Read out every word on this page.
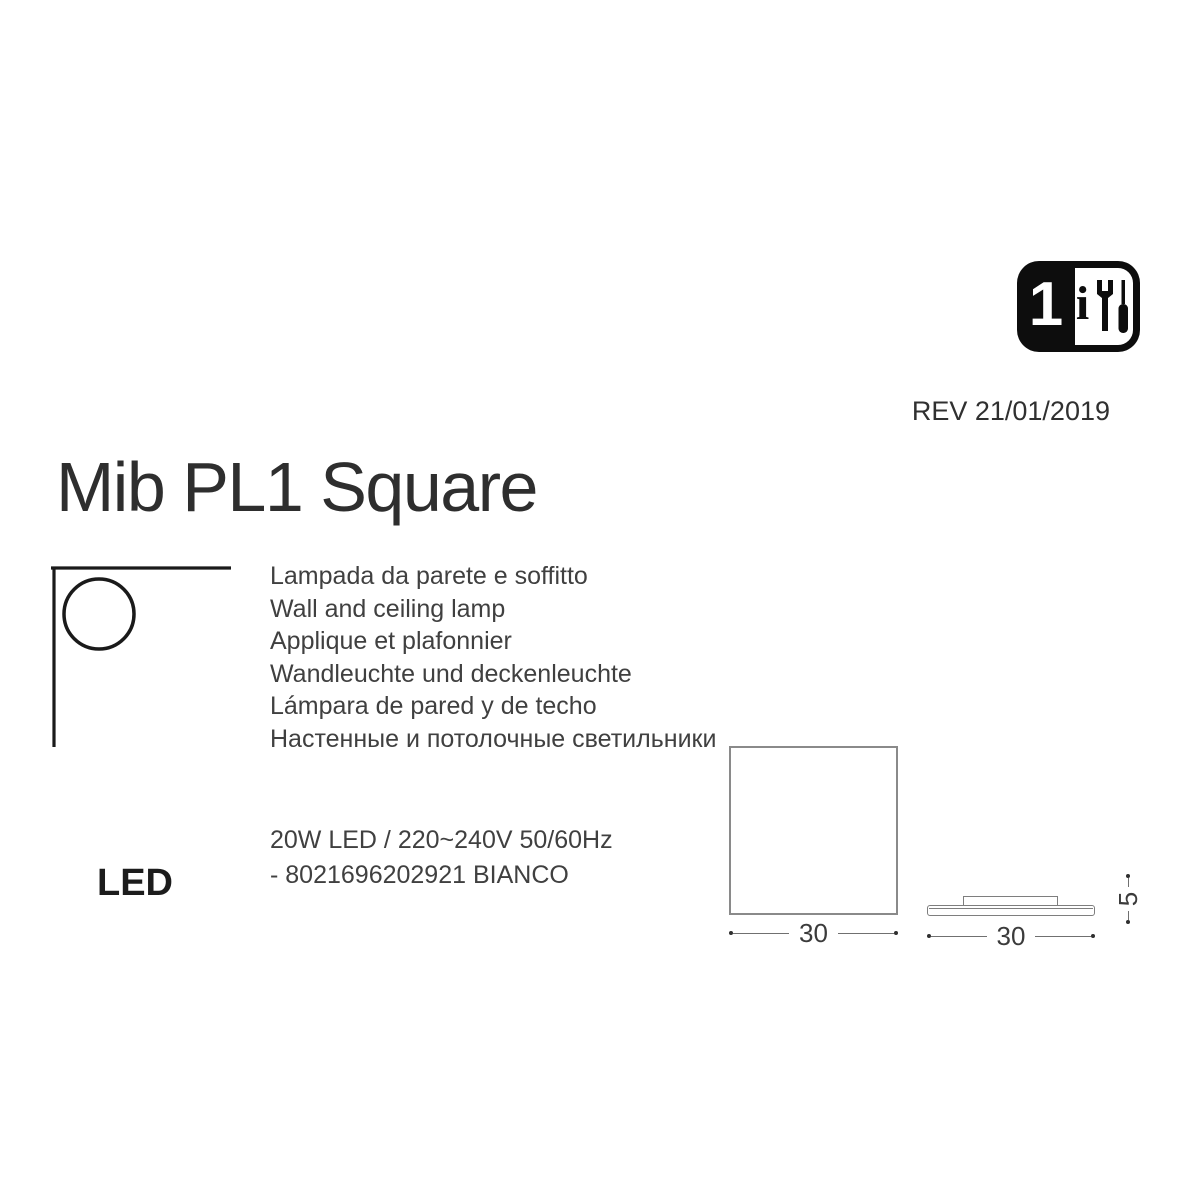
1 i
REV 21/01/2019
Mib PL1 Square
Lampada da parete e soffitto
Wall and ceiling lamp
Applique et plafonnier
Wandleuchte und deckenleuchte
Lámpara de pared y de techo
Настенные и потолочные светильники
20W LED / 220~240V 50/60Hz
- 8021696202921 BIANCO
LED
30	30
5
